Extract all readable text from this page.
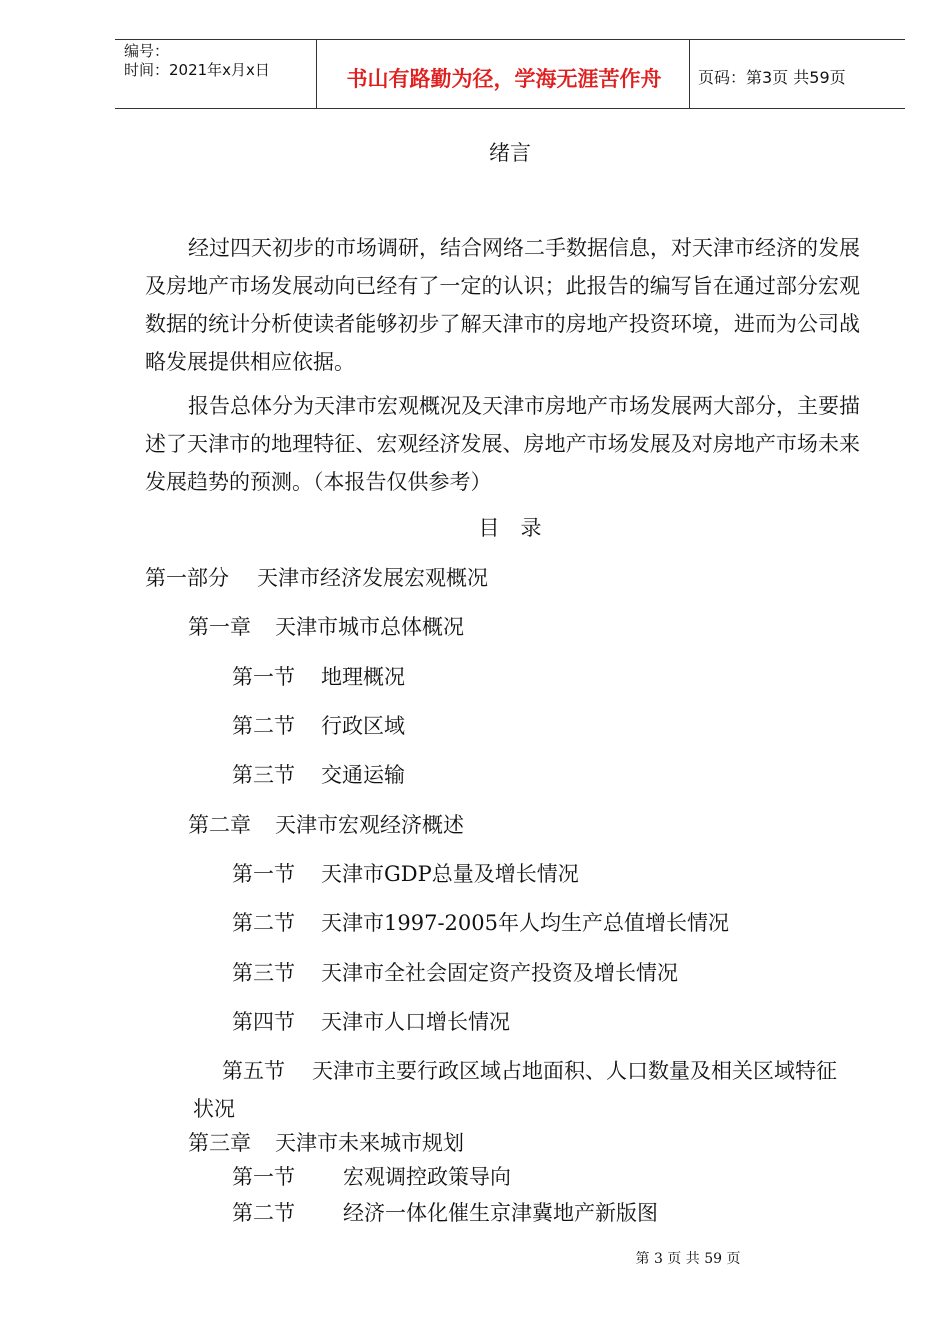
编号：
时间：2021年x月x日	书山有路勤为径，学海无涯苦作舟	页码：第3页 共59页
绪言
经过四天初步的市场调研，结合网络二手数据信息，对天津市经济的发展及房地产市场发展动向已经有了一定的认识；此报告的编写旨在通过部分宏观数据的统计分析使读者能够初步了解天津市的房地产投资环境，进而为公司战略发展提供相应依据。
报告总体分为天津市宏观概况及天津市房地产市场发展两大部分，主要描述了天津市的地理特征、宏观经济发展、房地产市场发展及对房地产市场未来发展趋势的预测。（本报告仅供参考）
目　录
第一部分 天津市经济发展宏观概况
第一章 天津市城市总体概况
第一节 地理概况
第二节 行政区域
第三节 交通运输
第二章 天津市宏观经济概述
第一节 天津市GDP总量及增长情况
第二节 天津市1997-2005年人均生产总值增长情况
第三节 天津市全社会固定资产投资及增长情况
第四节 天津市人口增长情况
第五节 天津市主要行政区域占地面积、人口数量及相关区域特征
状况
第三章 天津市未来城市规划
第一节 宏观调控政策导向
第二节 经济一体化催生京津冀地产新版图
第 3 页 共 59 页
